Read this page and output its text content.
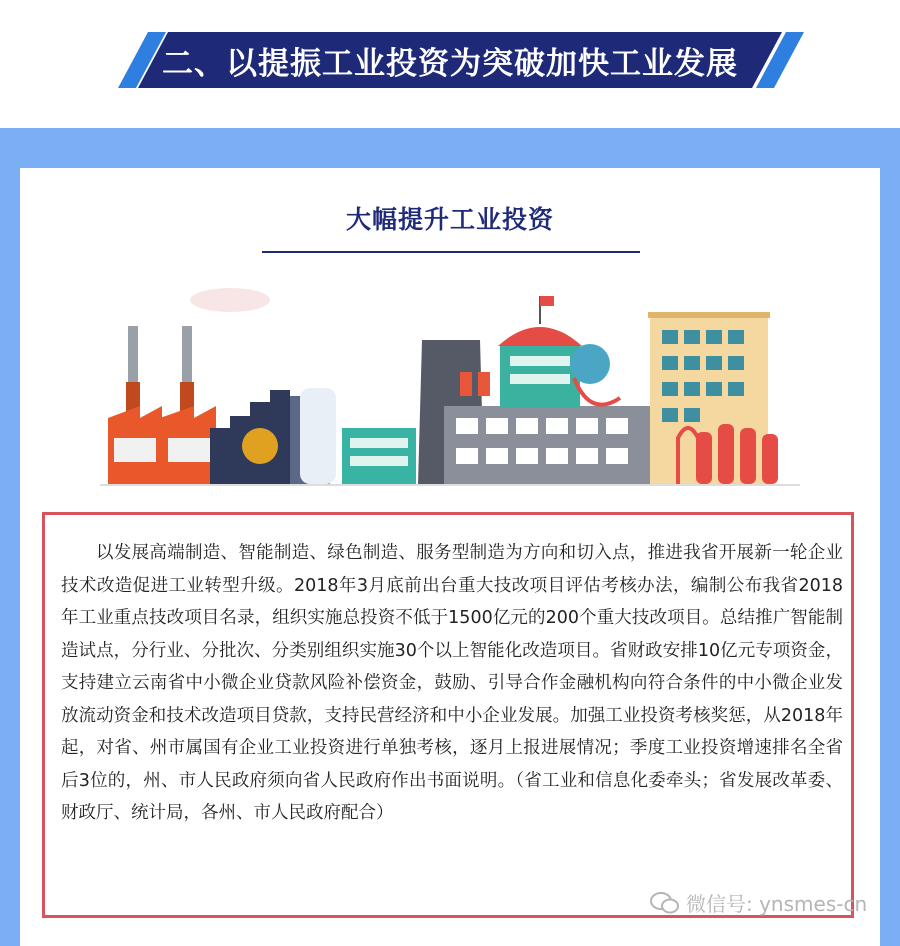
二、以提振工业投资为突破加快工业发展
大幅提升工业投资

以发展高端制造、智能制造、绿色制造、服务型制造为方向和切入点，推进我省开展新一轮企业技术改造促进工业转型升级。2018年3月底前出台重大技改项目评估考核办法，编制公布我省2018年工业重点技改项目名录，组织实施总投资不低于1500亿元的200个重大技改项目。总结推广智能制造试点，分行业、分批次、分类别组织实施30个以上智能化改造项目。省财政安排10亿元专项资金，支持建立云南省中小微企业贷款风险补偿资金，鼓励、引导合作金融机构向符合条件的中小微企业发放流动资金和技术改造项目贷款，支持民营经济和中小企业发展。加强工业投资考核奖惩，从2018年起，对省、州市属国有企业工业投资进行单独考核，逐月上报进展情况；季度工业投资增速排名全省后3位的，州、市人民政府须向省人民政府作出书面说明。（省工业和信息化委牵头；省发展改革委、财政厅、统计局，各州、市人民政府配合）

微信号: ynsmes-cn
